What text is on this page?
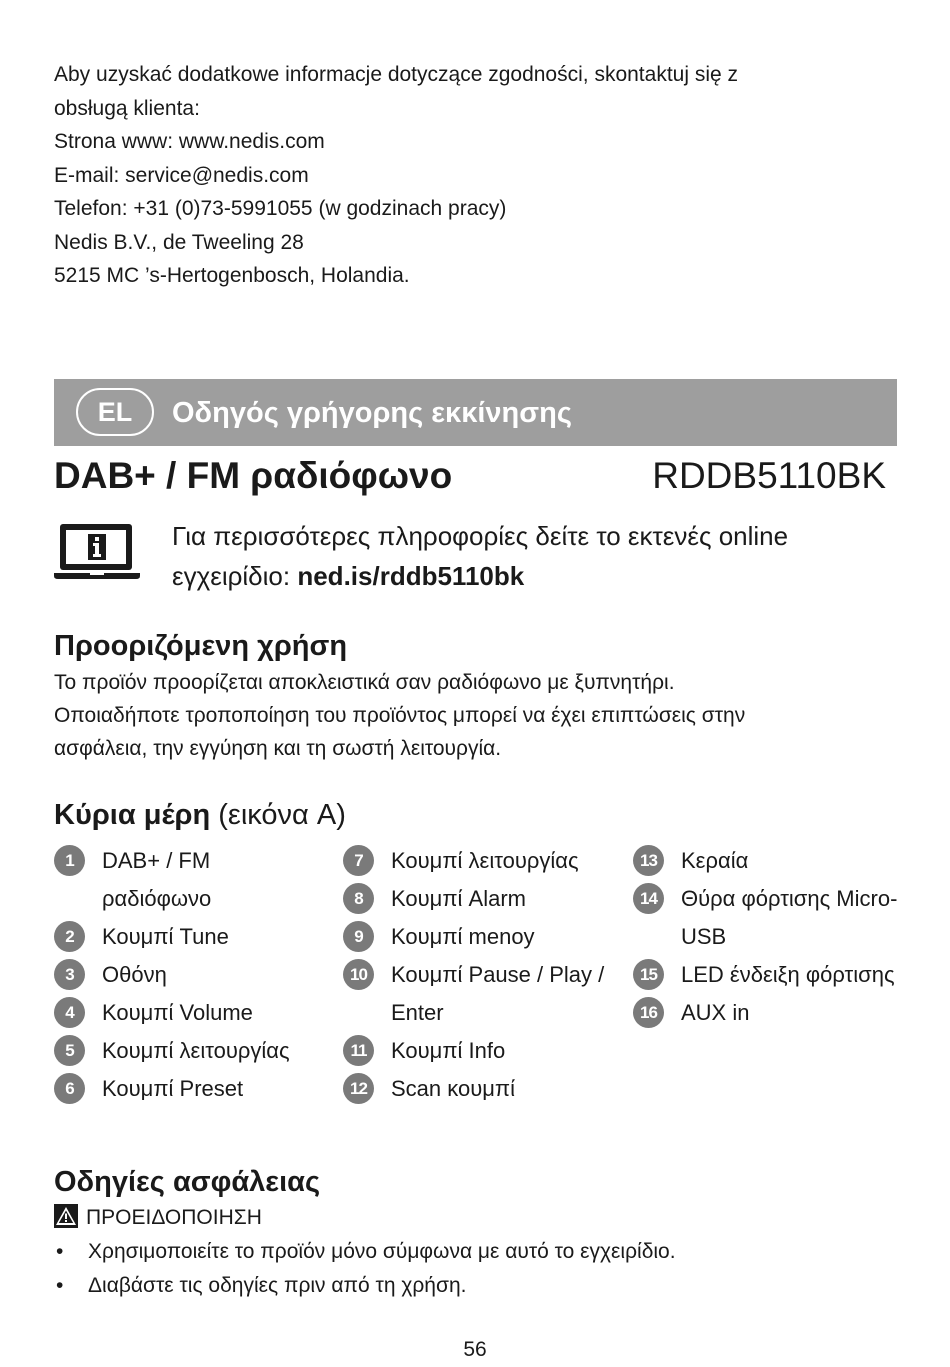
Aby uzyskać dodatkowe informacje dotyczące zgodności, skontaktuj się z
obsługą klienta:
Strona www: www.nedis.com
E-mail: service@nedis.com
Telefon: +31 (0)73-5991055 (w godzinach pracy)
Nedis B.V., de Tweeling 28
5215 MC ’s-Hertogenbosch, Holandia.
EL	Οδηγός γρήγορης εκκίνησης
DAB+ / FM ραδιόφωνο	RDDB5110BK
Για περισσότερες πληροφορίες δείτε το εκτενές online
εγχειρίδιο: ned.is/rddb5110bk
Προοριζόμενη χρήση
Το προϊόν προορίζεται αποκλειστικά σαν ραδιόφωνο με ξυπνητήρι.
Οποιαδήποτε τροποποίηση του προϊόντος μπορεί να έχει επιπτώσεις στην
ασφάλεια, την εγγύηση και τη σωστή λειτουργία.
Κύρια μέρη (εικόνα A)
1	DAB+ / FM ραδιόφωνο
2	Κουμπί Tune
3	Οθόνη
4	Κουμπί Volume
5	Κουμπί λειτουργίας
6	Κουμπί Preset
7	Κουμπί λειτουργίας
8	Κουμπί Alarm
9	Κουμπί menoy
10	Κουμπί Pause / Play / Enter
11	Κουμπί Info
12	Scan κουμπί
13	Κεραία
14	Θύρα φόρτισης Micro-USB
15	LED ένδειξη φόρτισης
16	AUX in
Οδηγίες ασφάλειας
ΠΡΟΕΙΔΟΠΟΙΗΣΗ
• Χρησιμοποιείτε το προϊόν μόνο σύμφωνα με αυτό το εγχειρίδιο.
• Διαβάστε τις οδηγίες πριν από τη χρήση.
56
